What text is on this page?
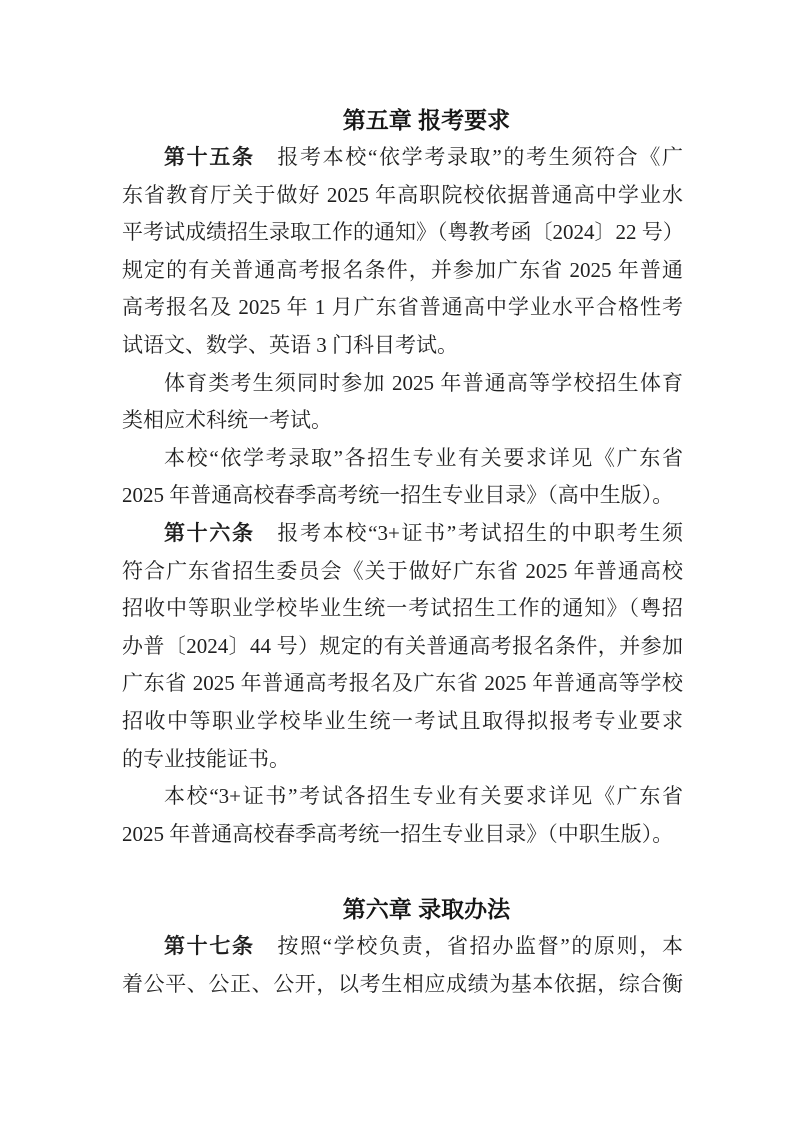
第五章 报考要求
第十五条　报考本校“依学考录取”的考生须符合《广
东省教育厅关于做好 2025 年高职院校依据普通高中学业水
平考试成绩招生录取工作的通知》（粤教考函〔2024〕22 号）
规定的有关普通高考报名条件，并参加广东省 2025 年普通
高考报名及 2025 年 1 月广东省普通高中学业水平合格性考
试语文、数学、英语 3 门科目考试。
体育类考生须同时参加 2025 年普通高等学校招生体育
类相应术科统一考试。
本校“依学考录取”各招生专业有关要求详见《广东省
2025 年普通高校春季高考统一招生专业目录》（高中生版）。
第十六条　报考本校“3+证书”考试招生的中职考生须
符合广东省招生委员会《关于做好广东省 2025 年普通高校
招收中等职业学校毕业生统一考试招生工作的通知》（粤招
办普〔2024〕44 号）规定的有关普通高考报名条件，并参加
广东省 2025 年普通高考报名及广东省 2025 年普通高等学校
招收中等职业学校毕业生统一考试且取得拟报考专业要求
的专业技能证书。
本校“3+证书”考试各招生专业有关要求详见《广东省
2025 年普通高校春季高考统一招生专业目录》（中职生版）。
第六章 录取办法
第十七条　按照“学校负责，省招办监督”的原则，本
着公平、公正、公开，以考生相应成绩为基本依据，综合衡
